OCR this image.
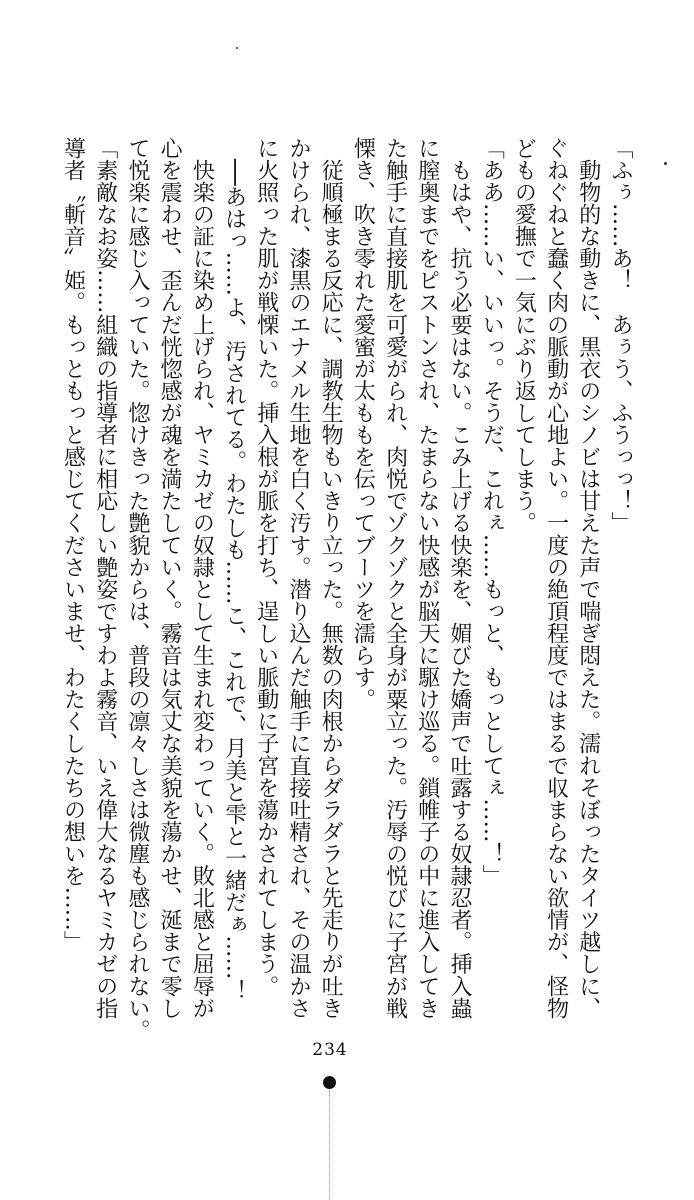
「ふぅ……あ！　あぅう、ふうっっ！」
　動物的な動きに、黒衣のシノビは甘えた声で喘ぎ悶えた。濡れそぼったタイツ越しに、
ぐねぐねと蠢く肉の脈動が心地よい。一度の絶頂程度ではまるで収まらない欲情が、怪物
どもの愛撫で一気にぶり返してしまう。
「ああ……い、いいっ。そうだ、これぇ……もっと、もっとしてぇ……！」
　もはや、抗う必要はない。こみ上げる快楽を、媚びた嬌声で吐露する奴隷忍者。挿入蟲
に膣奥までをピストンされ、たまらない快感が脳天に駆け巡る。鎖帷子の中に進入してき
た触手に直接肌を可愛がられ、肉悦でゾクゾクと全身が粟立った。汚辱の悦びに子宮が戦
慄き、吹き零れた愛蜜が太ももを伝ってブーツを濡らす。
　従順極まる反応に、調教生物もいきり立った。無数の肉根からダラダラと先走りが吐き
かけられ、漆黒のエナメル生地を白く汚す。潜り込んだ触手に直接吐精され、その温かさ
に火照った肌が戦慄いた。挿入根が脈を打ち、逞しい脈動に子宮を蕩かされてしまう。
　──あはっ……よ、汚されてる。わたしも……こ、これで、月美と雫と一緒だぁ……！
　快楽の証に染め上げられ、ヤミカゼの奴隷として生まれ変わっていく。敗北感と屈辱が
心を震わせ、歪んだ恍惚感が魂を満たしていく。霧音は気丈な美貌を蕩かせ、涎まで零し
て悦楽に感じ入っていた。惚けきった艶貌からは、普段の凛々しさは微塵も感じられない。
「素敵なお姿……組織の指導者に相応しい艶姿ですわよ霧音、いえ偉大なるヤミカゼの指
導者〝斬音〟姫。もっともっと感じてくださいませ、わたくしたちの想いを……」
234
